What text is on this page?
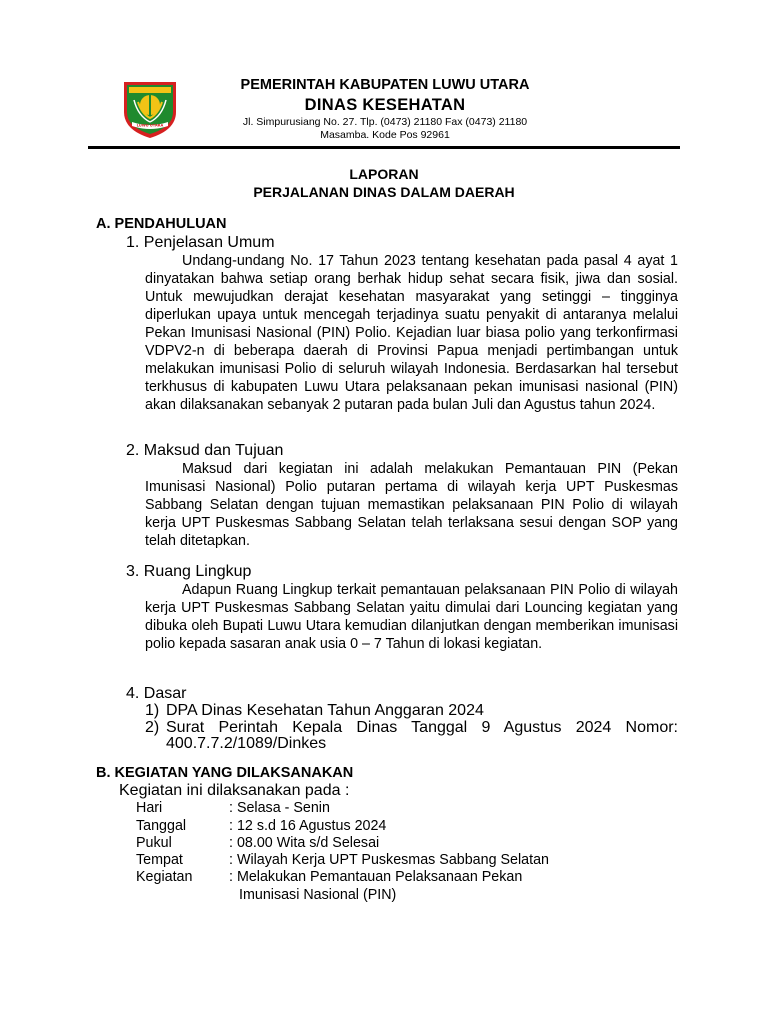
LUWU UTARA
PEMERINTAH KABUPATEN LUWU UTARA
DINAS KESEHATAN
Jl. Simpurusiang No. 27. Tlp. (0473) 21180 Fax (0473) 21180
Masamba. Kode Pos 92961
LAPORAN
PERJALANAN DINAS DALAM DAERAH
A. PENDAHULUAN
1. Penjelasan Umum
Undang-undang No. 17 Tahun 2023 tentang kesehatan pada pasal 4 ayat 1 dinyatakan bahwa setiap orang berhak hidup sehat secara fisik, jiwa dan sosial. Untuk mewujudkan derajat kesehatan masyarakat yang setinggi – tingginya diperlukan upaya untuk mencegah terjadinya suatu penyakit di antaranya melalui Pekan Imunisasi Nasional (PIN) Polio. Kejadian luar biasa polio yang terkonfirmasi VDPV2-n di beberapa daerah di Provinsi Papua menjadi pertimbangan untuk melakukan imunisasi Polio di seluruh wilayah Indonesia. Berdasarkan hal tersebut terkhusus di kabupaten Luwu Utara pelaksanaan pekan imunisasi nasional (PIN) akan dilaksanakan sebanyak 2 putaran pada bulan Juli dan Agustus tahun 2024.
2. Maksud dan Tujuan
Maksud dari kegiatan ini adalah melakukan Pemantauan PIN (Pekan Imunisasi Nasional) Polio putaran pertama di wilayah kerja UPT Puskesmas Sabbang Selatan dengan tujuan memastikan pelaksanaan PIN Polio di wilayah kerja UPT Puskesmas Sabbang Selatan telah terlaksana sesui dengan SOP yang telah ditetapkan.
3. Ruang Lingkup
Adapun Ruang Lingkup terkait pemantauan pelaksanaan PIN Polio di wilayah kerja UPT Puskesmas Sabbang Selatan yaitu dimulai dari Louncing kegiatan yang dibuka oleh Bupati Luwu Utara kemudian dilanjutkan dengan memberikan imunisasi polio kepada sasaran anak usia 0 – 7 Tahun di lokasi kegiatan.
4. Dasar
1) DPA Dinas Kesehatan Tahun Anggaran 2024
2) Surat Perintah Kepala Dinas Tanggal 9 Agustus 2024 Nomor:
400.7.7.2/1089/Dinkes
B. KEGIATAN YANG DILAKSANAKAN
Kegiatan ini dilaksanakan pada :
Hari	: Selasa - Senin
Tanggal	: 12 s.d 16 Agustus 2024
Pukul	: 08.00 Wita s/d Selesai
Tempat	: Wilayah Kerja UPT Puskesmas Sabbang Selatan
Kegiatan	: Melakukan Pemantauan Pelaksanaan Pekan
Imunisasi Nasional (PIN)
